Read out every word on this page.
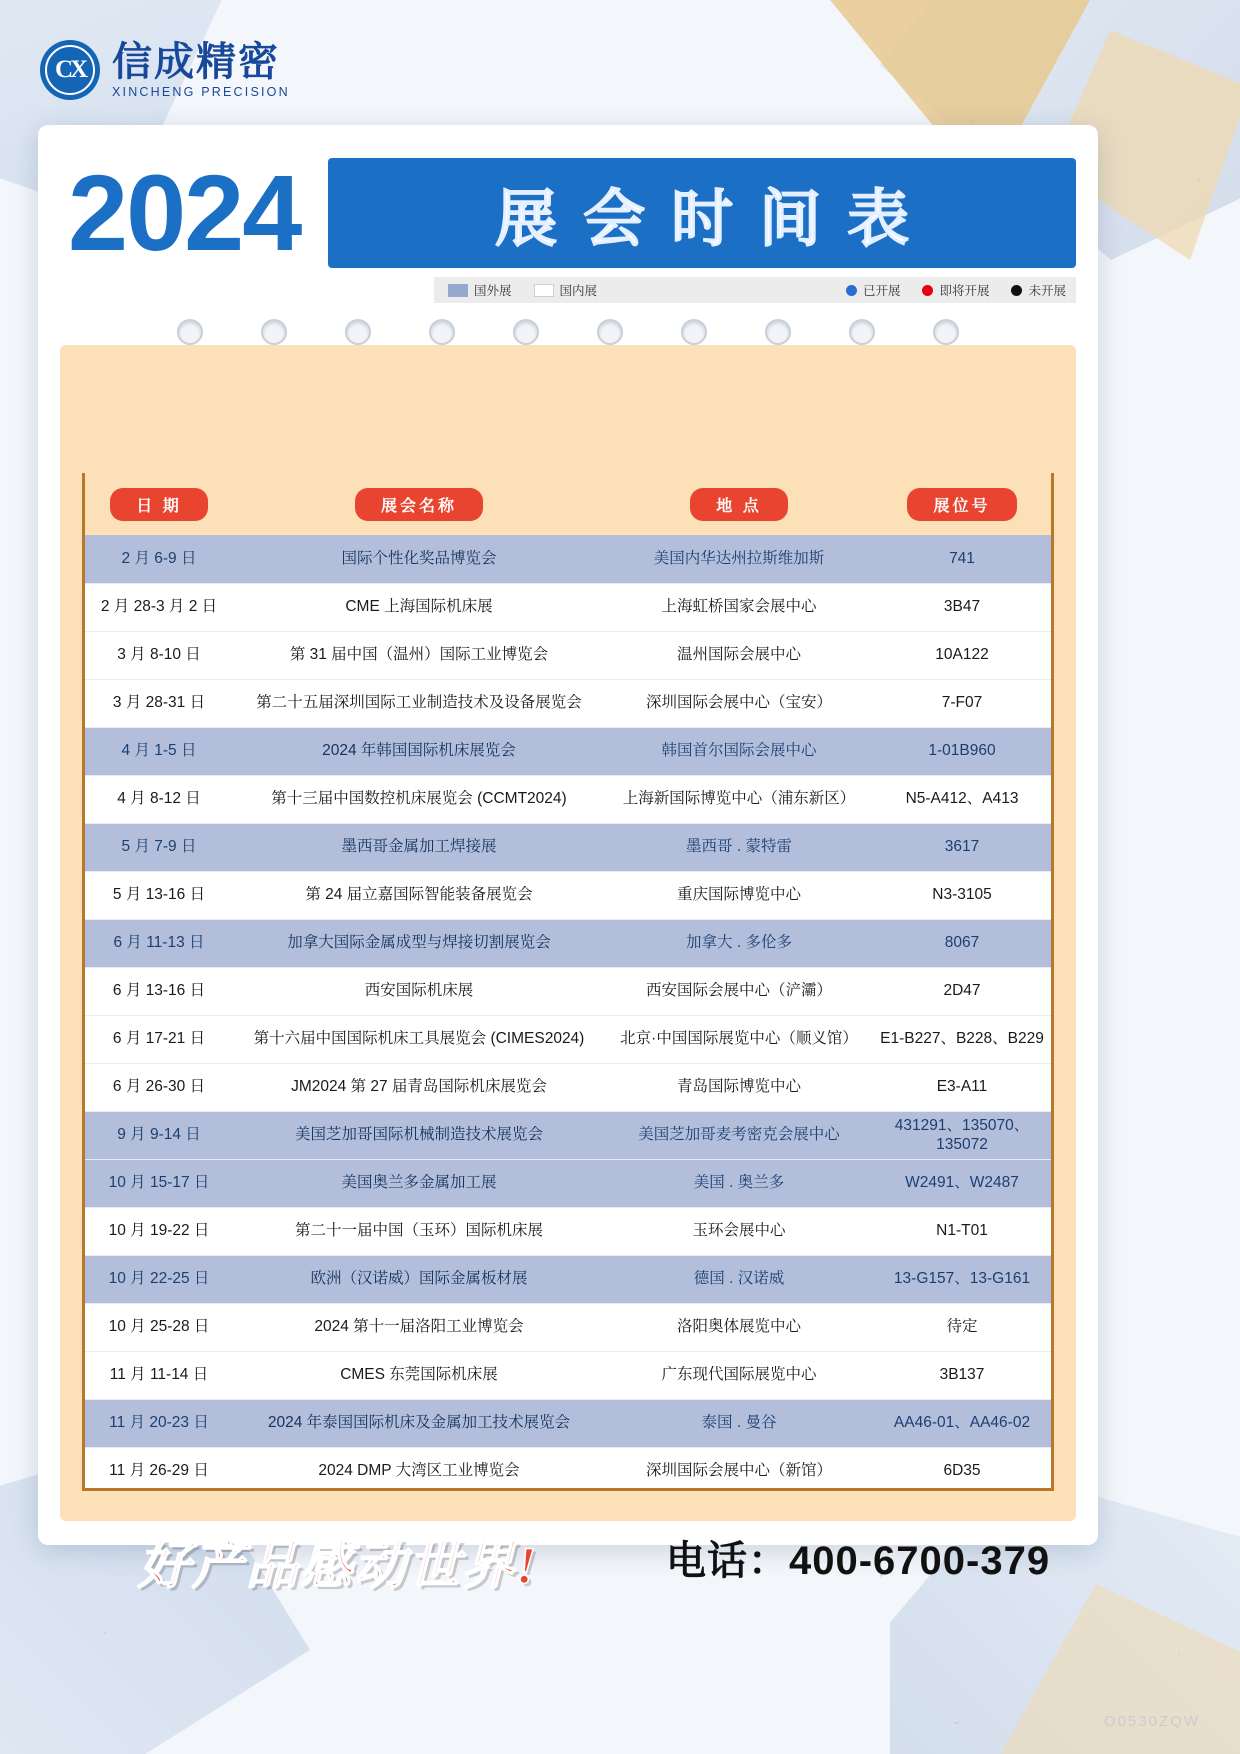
CX 信成精密
XINCHENG PRECISION
2024	展会时间表
国外展	国内展	已开展	即将开展	未开展
日 期	展会名称	地 点	展位号
2 月 6-9 日	国际个性化奖品博览会	美国内华达州拉斯维加斯	741
2 月 28-3 月 2 日	CME 上海国际机床展	上海虹桥国家会展中心	3B47
3 月 8-10 日	第 31 届中国（温州）国际工业博览会	温州国际会展中心	10A122
3 月 28-31 日	第二十五届深圳国际工业制造技术及设备展览会	深圳国际会展中心（宝安）	7-F07
4 月 1-5 日	2024 年韩国国际机床展览会	韩国首尔国际会展中心	1-01B960
4 月 8-12 日	第十三届中国数控机床展览会 (CCMT2024)	上海新国际博览中心（浦东新区）	N5-A412、A413
5 月 7-9 日	墨西哥金属加工焊接展	墨西哥 . 蒙特雷	3617
5 月 13-16 日	第 24 届立嘉国际智能装备展览会	重庆国际博览中心	N3-3105
6 月 11-13 日	加拿大国际金属成型与焊接切割展览会	加拿大 . 多伦多	8067
6 月 13-16 日	西安国际机床展	西安国际会展中心（浐灞）	2D47
6 月 17-21 日	第十六届中国国际机床工具展览会 (CIMES2024)	北京·中国国际展览中心（顺义馆）	E1-B227、B228、B229
6 月 26-30 日	JM2024 第 27 届青岛国际机床展览会	青岛国际博览中心	E3-A11
9 月 9-14 日	美国芝加哥国际机械制造技术展览会	美国芝加哥麦考密克会展中心	431291、135070、135072
10 月 15-17 日	美国奥兰多金属加工展	美国 . 奥兰多	W2491、W2487
10 月 19-22 日	第二十一届中国（玉环）国际机床展	玉环会展中心	N1-T01
10 月 22-25 日	欧洲（汉诺威）国际金属板材展	德国 . 汉诺威	13-G157、13-G161
10 月 25-28 日	2024 第十一届洛阳工业博览会	洛阳奥体展览中心	待定
11 月 11-14 日	CMES 东莞国际机床展	广东现代国际展览中心	3B137
11 月 20-23 日	2024 年泰国国际机床及金属加工技术展览会	泰国 . 曼谷	AA46-01、AA46-02
11 月 26-29 日	2024 DMP 大湾区工业博览会	深圳国际会展中心（新馆）	6D35
好产品感动世界!	电话：400-6700-379
O0530ZQW
